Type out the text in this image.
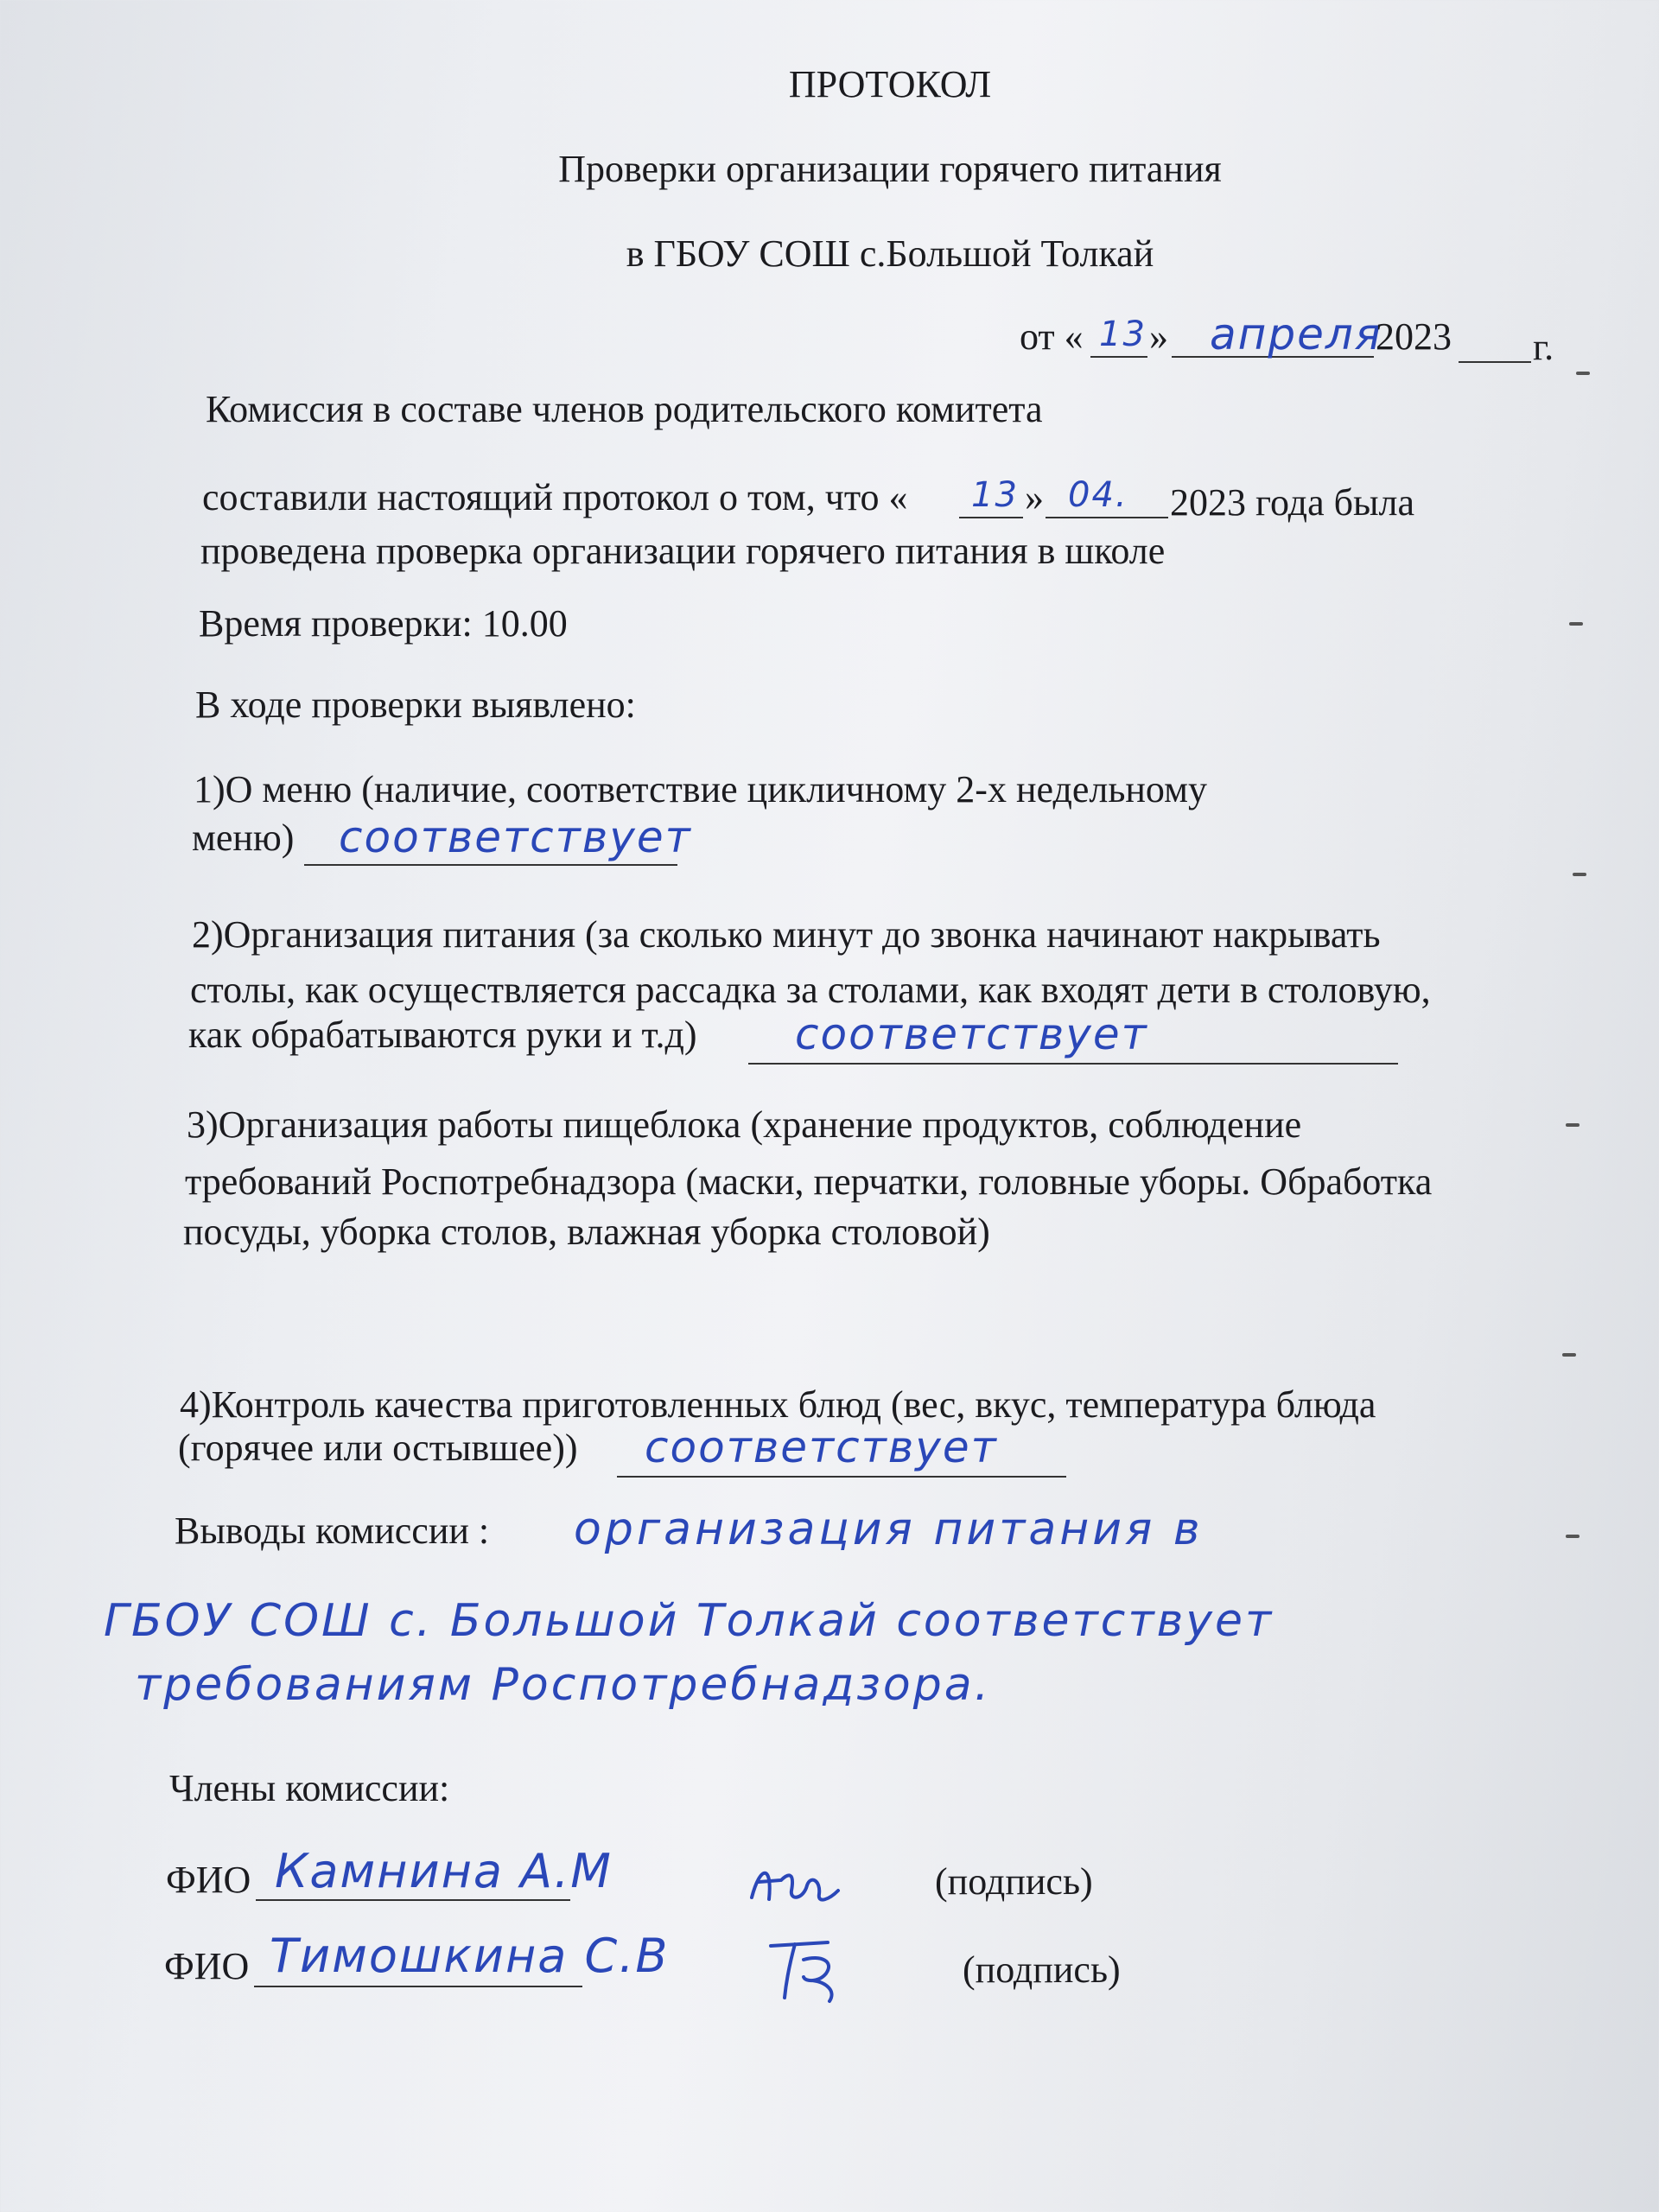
ПРОТОКОЛ
Проверки организации горячего питания
в ГБОУ СОШ с.Большой Толкай
от « 13 » апреля
2023 г.
Комиссия в составе членов родительского комитета
составили настоящий протокол о том, что « 13 » 04. 2023 года была
проведена проверка организации горячего питания в школе
Время проверки: 10.00
В ходе проверки выявлено:
1)О меню (наличие, соответствие цикличному 2-х недельному
меню) соответствует
2)Организация питания (за сколько минут до звонка начинают накрывать
столы, как осуществляется рассадка за столами, как входят дети в столовую,
как обрабатываются руки и т.д) соответствует
3)Организация работы пищеблока (хранение продуктов, соблюдение
требований Роспотребнадзора (маски, перчатки, головные уборы. Обработка
посуды, уборка столов, влажная уборка столовой)
4)Контроль качества приготовленных блюд (вес, вкус, температура блюда
(горячее или остывшее)) соответствует
Выводы комиссии : организация питания в
ГБОУ СОШ с. Большой Толкай соответствует
требованиям Роспотребнадзора.
Члены комиссии:
ФИО Камнина А.М	(подпись)
ФИО Тимошкина С.В	(подпись)
